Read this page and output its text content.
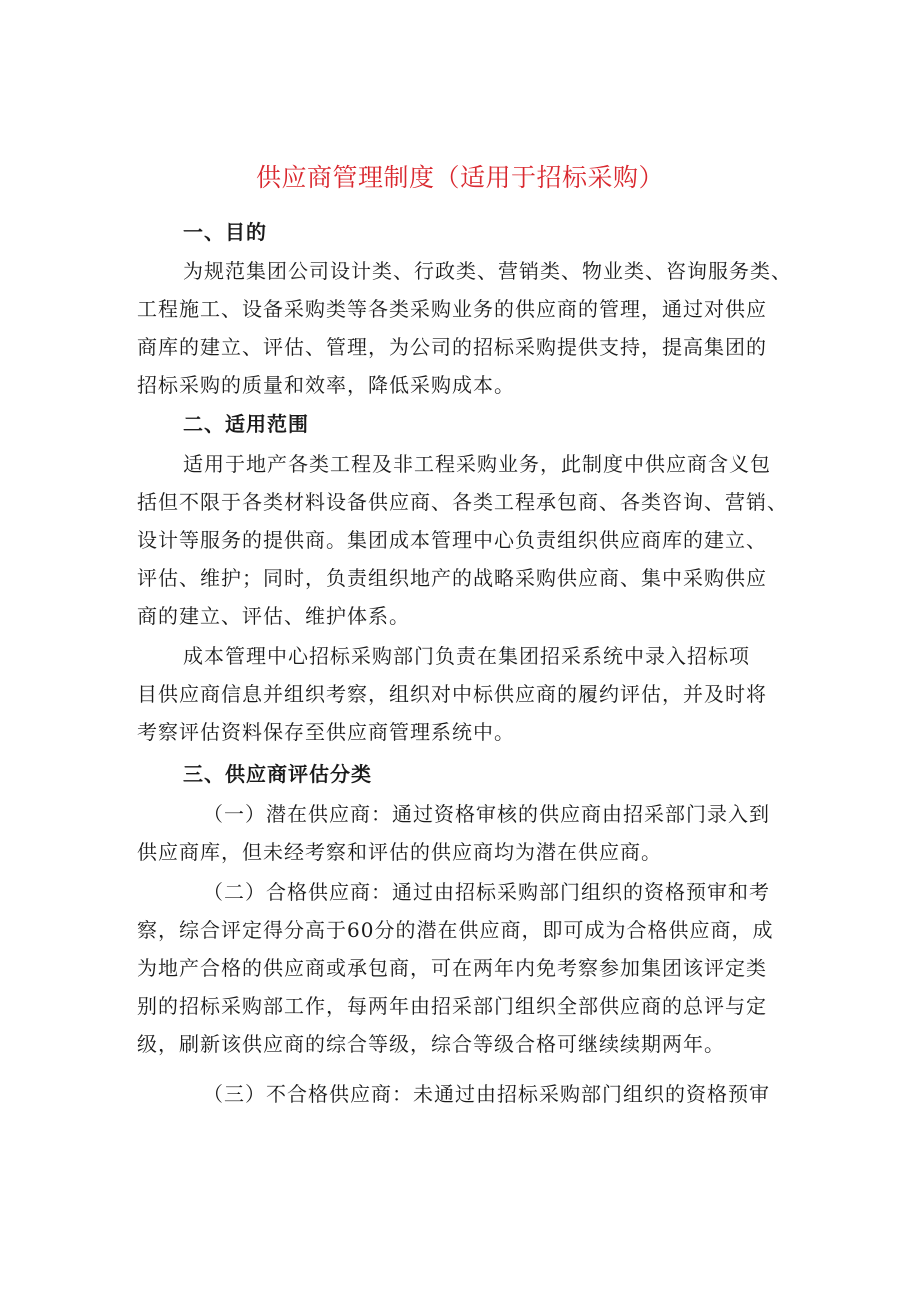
供应商管理制度（适用于招标采购）
一、目的
为规范集团公司设计类、行政类、营销类、物业类、咨询服务类、
工程施工、设备采购类等各类采购业务的供应商的管理，通过对供应
商库的建立、评估、管理，为公司的招标采购提供支持，提高集团的
招标采购的质量和效率，降低采购成本。
二、适用范围
适用于地产各类工程及非工程采购业务，此制度中供应商含义包
括但不限于各类材料设备供应商、各类工程承包商、各类咨询、营销、
设计等服务的提供商。集团成本管理中心负责组织供应商库的建立、
评估、维护；同时，负责组织地产的战略采购供应商、集中采购供应
商的建立、评估、维护体系。
成本管理中心招标采购部门负责在集团招采系统中录入招标项
目供应商信息并组织考察，组织对中标供应商的履约评估，并及时将
考察评估资料保存至供应商管理系统中。
三、供应商评估分类
（一）潜在供应商：通过资格审核的供应商由招采部门录入到
供应商库，但未经考察和评估的供应商均为潜在供应商。
（二）合格供应商：通过由招标采购部门组织的资格预审和考
察，综合评定得分高于60分的潜在供应商，即可成为合格供应商，成
为地产合格的供应商或承包商，可在两年内免考察参加集团该评定类
别的招标采购部工作，每两年由招采部门组织全部供应商的总评与定
级，刷新该供应商的综合等级，综合等级合格可继续续期两年。
（三）不合格供应商：未通过由招标采购部门组织的资格预审
